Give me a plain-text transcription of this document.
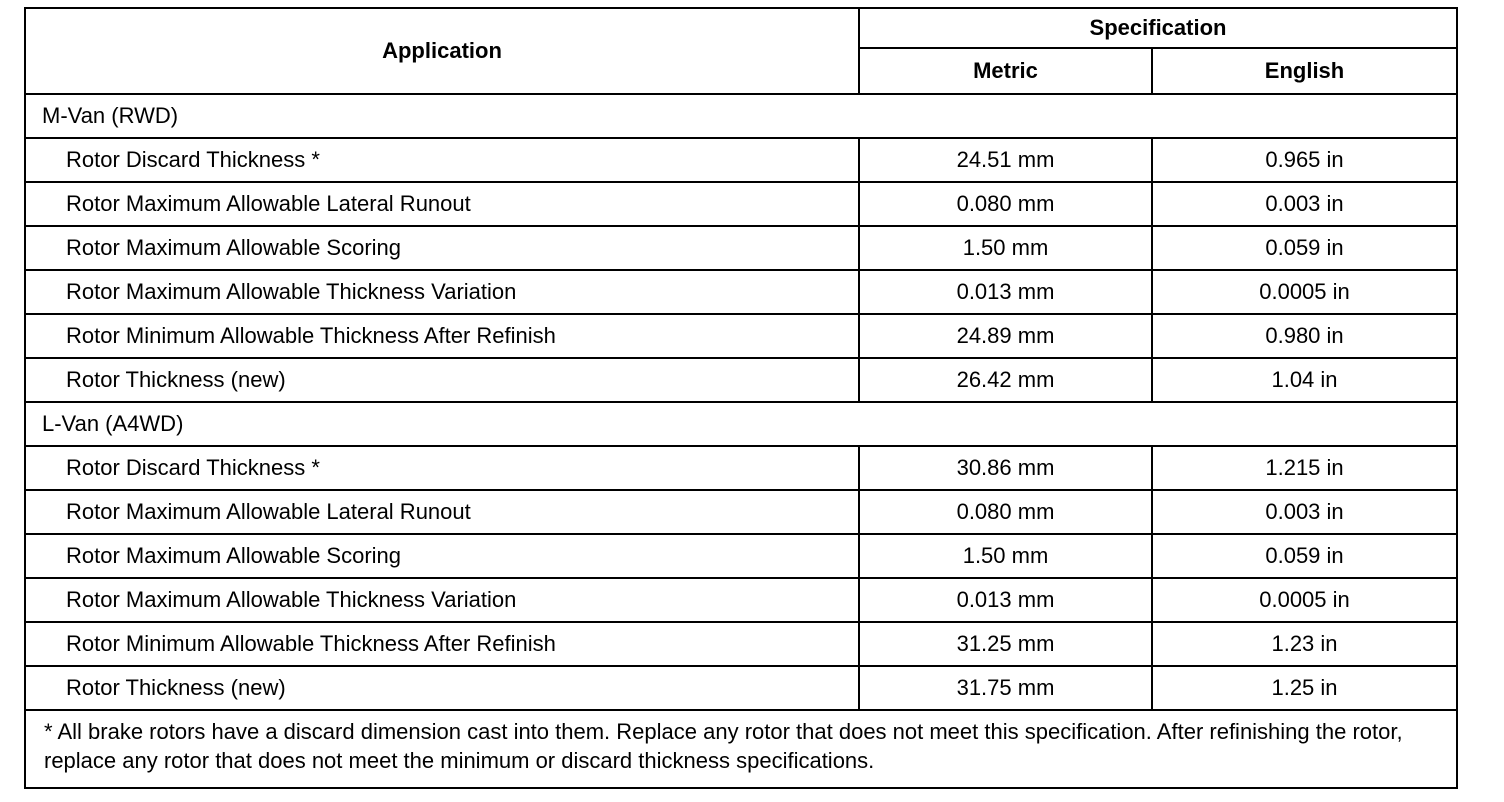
Application	Specification	
	Metric	English
M-Van (RWD)		
Rotor Discard Thickness *	24.51 mm	0.965 in
Rotor Maximum Allowable Lateral Runout	0.080 mm	0.003 in
Rotor Maximum Allowable Scoring	1.50 mm	0.059 in
Rotor Maximum Allowable Thickness Variation	0.013 mm	0.0005 in
Rotor Minimum Allowable Thickness After Refinish	24.89 mm	0.980 in
Rotor Thickness (new)	26.42 mm	1.04 in
L-Van (A4WD)		
Rotor Discard Thickness *	30.86 mm	1.215 in
Rotor Maximum Allowable Lateral Runout	0.080 mm	0.003 in
Rotor Maximum Allowable Scoring	1.50 mm	0.059 in
Rotor Maximum Allowable Thickness Variation	0.013 mm	0.0005 in
Rotor Minimum Allowable Thickness After Refinish	31.25 mm	1.23 in
Rotor Thickness (new)	31.75 mm	1.25 in
* All brake rotors have a discard dimension cast into them. Replace any rotor that does not meet this specification. After refinishing the rotor, replace any rotor that does not meet the minimum or discard thickness specifications.		
